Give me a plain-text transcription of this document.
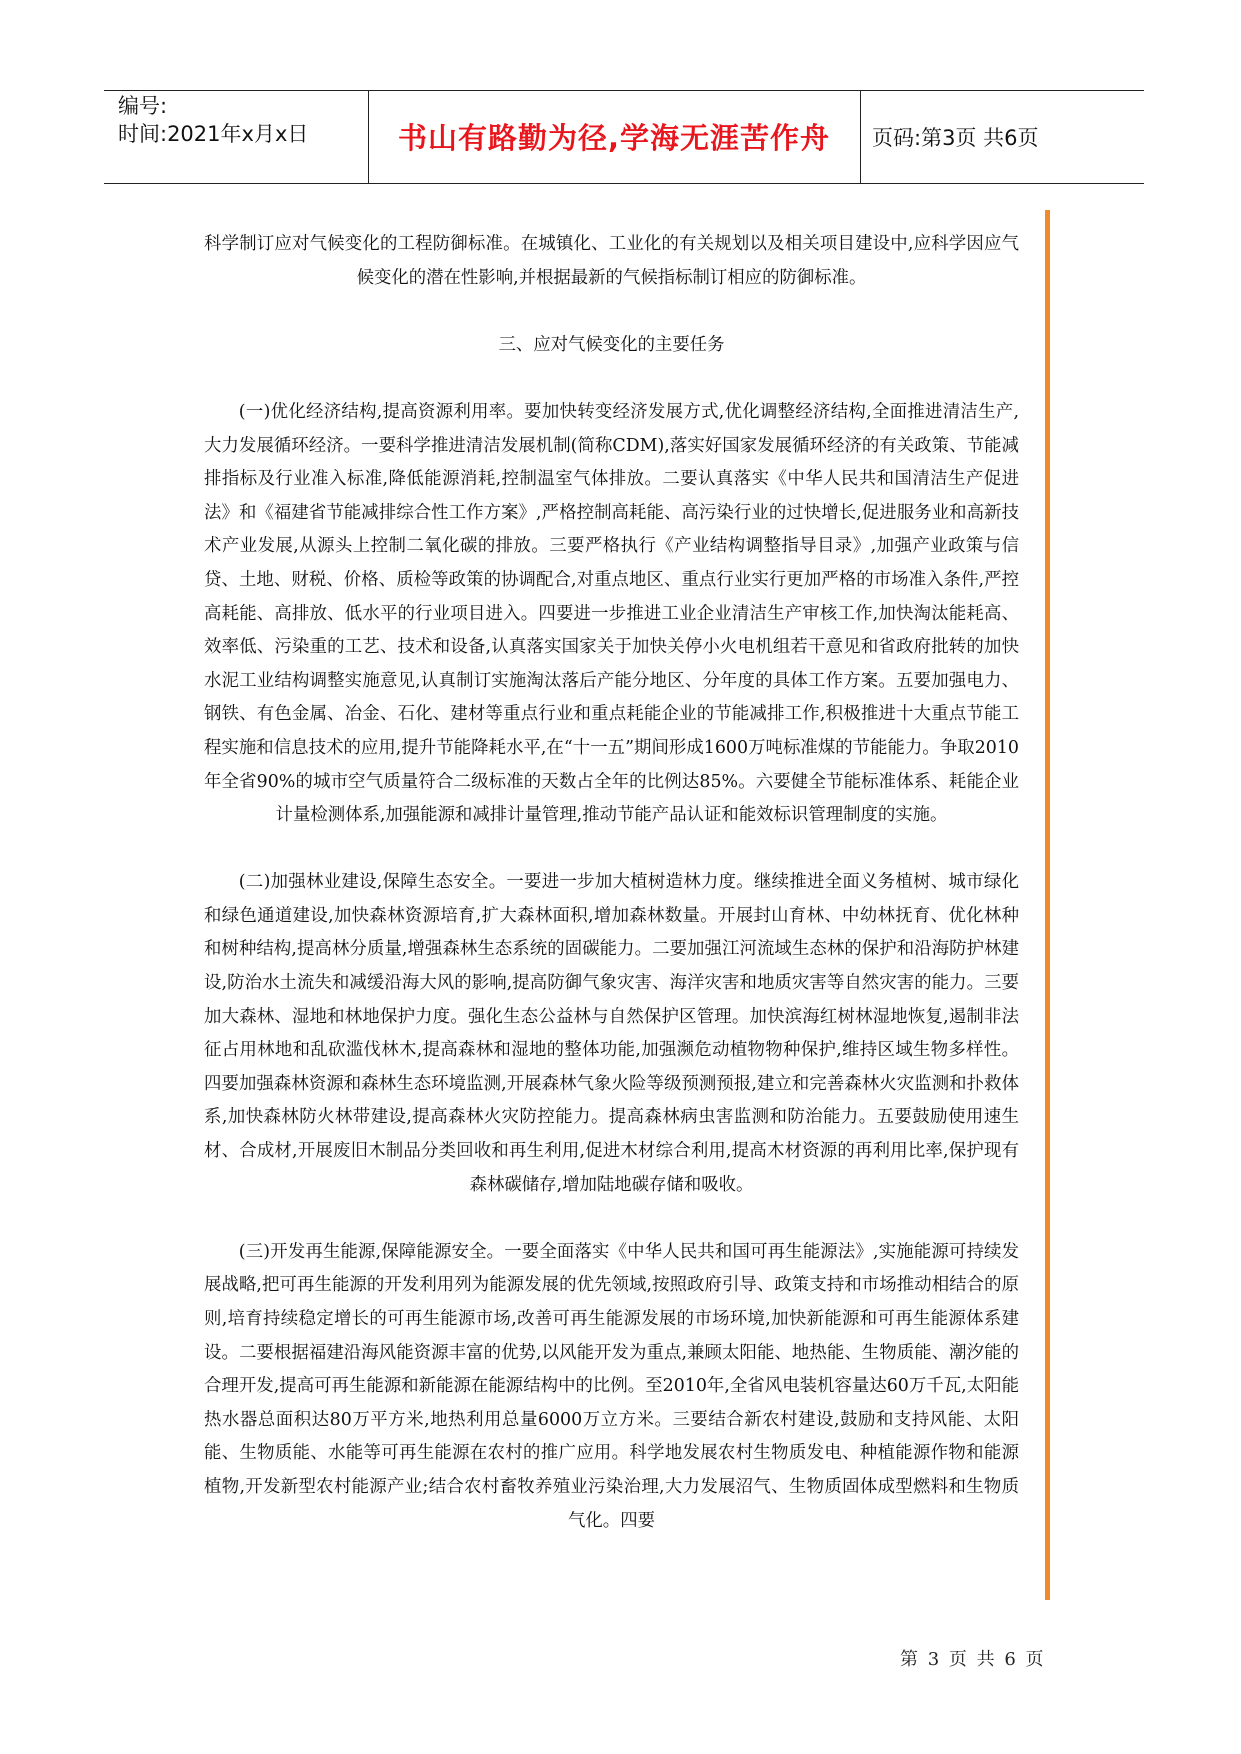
编号:
时间:2021年x月x日	书山有路勤为径,学海无涯苦作舟	页码:第3页 共6页

科学制订应对气候变化的工程防御标准。在城镇化、工业化的有关规划以及相关项目建设中,应科学因应气候变化的潜在性影响,并根据最新的气候指标制订相应的防御标准。

三、应对气候变化的主要任务

(一)优化经济结构,提高资源利用率。要加快转变经济发展方式,优化调整经济结构,全面推进清洁生产,大力发展循环经济。一要科学推进清洁发展机制(简称CDM),落实好国家发展循环经济的有关政策、节能减排指标及行业准入标准,降低能源消耗,控制温室气体排放。二要认真落实《中华人民共和国清洁生产促进法》和《福建省节能减排综合性工作方案》,严格控制高耗能、高污染行业的过快增长,促进服务业和高新技术产业发展,从源头上控制二氧化碳的排放。三要严格执行《产业结构调整指导目录》,加强产业政策与信贷、土地、财税、价格、质检等政策的协调配合,对重点地区、重点行业实行更加严格的市场准入条件,严控高耗能、高排放、低水平的行业项目进入。四要进一步推进工业企业清洁生产审核工作,加快淘汰能耗高、效率低、污染重的工艺、技术和设备,认真落实国家关于加快关停小火电机组若干意见和省政府批转的加快水泥工业结构调整实施意见,认真制订实施淘汰落后产能分地区、分年度的具体工作方案。五要加强电力、钢铁、有色金属、冶金、石化、建材等重点行业和重点耗能企业的节能减排工作,积极推进十大重点节能工程实施和信息技术的应用,提升节能降耗水平,在“十一五”期间形成1600万吨标准煤的节能能力。争取2010年全省90%的城市空气质量符合二级标准的天数占全年的比例达85%。六要健全节能标准体系、耗能企业计量检测体系,加强能源和减排计量管理,推动节能产品认证和能效标识管理制度的实施。

(二)加强林业建设,保障生态安全。一要进一步加大植树造林力度。继续推进全面义务植树、城市绿化和绿色通道建设,加快森林资源培育,扩大森林面积,增加森林数量。开展封山育林、中幼林抚育、优化林种和树种结构,提高林分质量,增强森林生态系统的固碳能力。二要加强江河流域生态林的保护和沿海防护林建设,防治水土流失和减缓沿海大风的影响,提高防御气象灾害、海洋灾害和地质灾害等自然灾害的能力。三要加大森林、湿地和林地保护力度。强化生态公益林与自然保护区管理。加快滨海红树林湿地恢复,遏制非法征占用林地和乱砍滥伐林木,提高森林和湿地的整体功能,加强濒危动植物物种保护,维持区域生物多样性。四要加强森林资源和森林生态环境监测,开展森林气象火险等级预测预报,建立和完善森林火灾监测和扑救体系,加快森林防火林带建设,提高森林火灾防控能力。提高森林病虫害监测和防治能力。五要鼓励使用速生材、合成材,开展废旧木制品分类回收和再生利用,促进木材综合利用,提高木材资源的再利用比率,保护现有森林碳储存,增加陆地碳存储和吸收。

(三)开发再生能源,保障能源安全。一要全面落实《中华人民共和国可再生能源法》,实施能源可持续发展战略,把可再生能源的开发利用列为能源发展的优先领域,按照政府引导、政策支持和市场推动相结合的原则,培育持续稳定增长的可再生能源市场,改善可再生能源发展的市场环境,加快新能源和可再生能源体系建设。二要根据福建沿海风能资源丰富的优势,以风能开发为重点,兼顾太阳能、地热能、生物质能、潮汐能的合理开发,提高可再生能源和新能源在能源结构中的比例。至2010年,全省风电装机容量达60万千瓦,太阳能热水器总面积达80万平方米,地热利用总量6000万立方米。三要结合新农村建设,鼓励和支持风能、太阳能、生物质能、水能等可再生能源在农村的推广应用。科学地发展农村生物质发电、种植能源作物和能源植物,开发新型农村能源产业;结合农村畜牧养殖业污染治理,大力发展沼气、生物质固体成型燃料和生物质气化。四要

第 3 页 共 6 页
